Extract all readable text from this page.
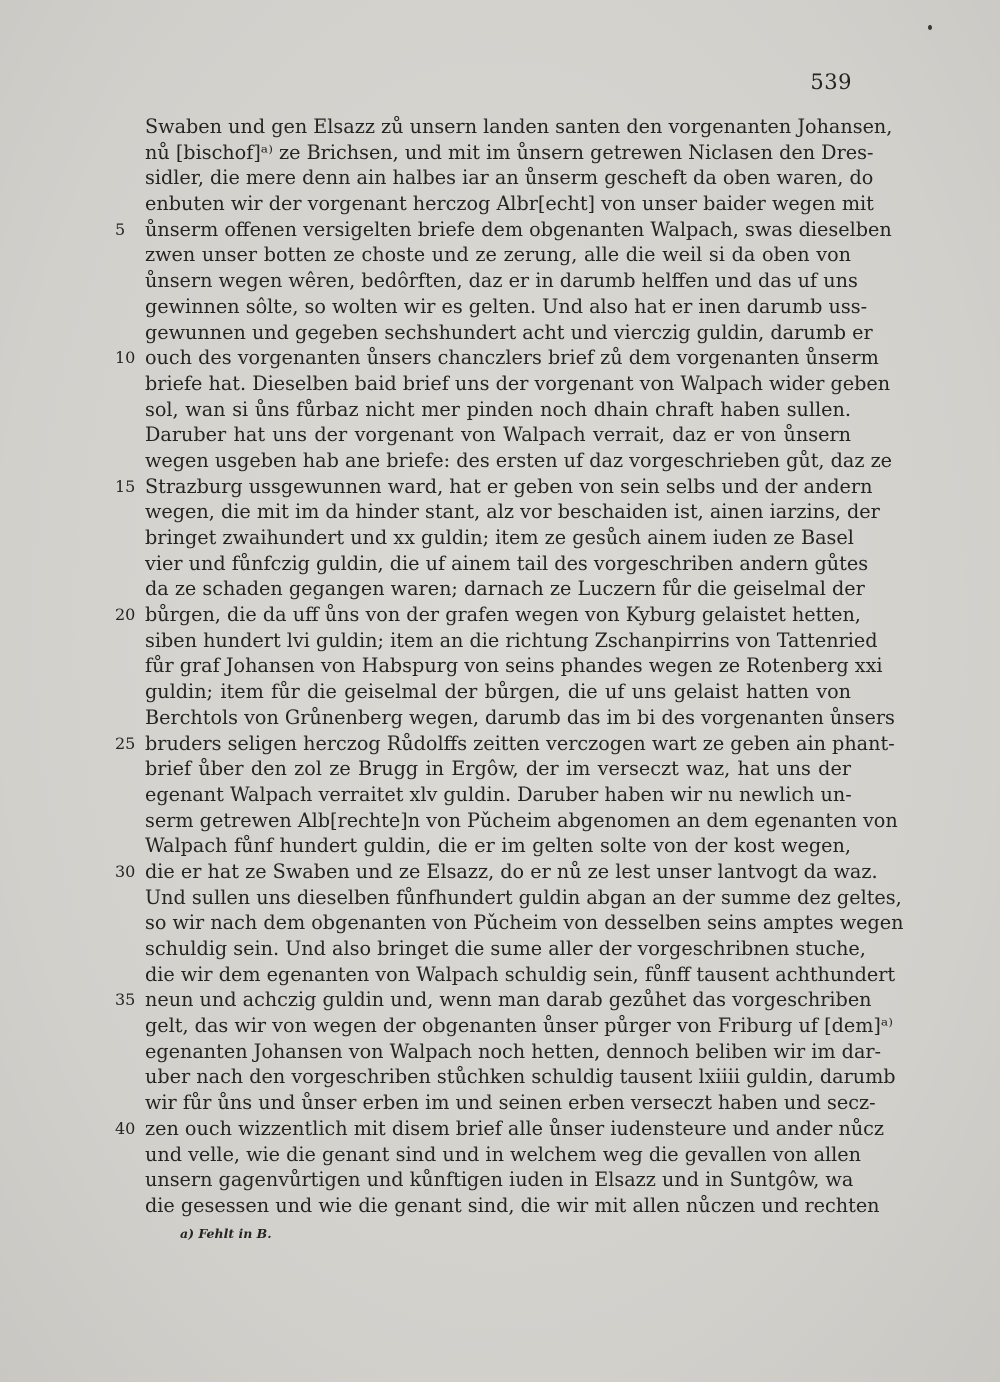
539
Swaben und gen Elsazz zů unsern landen santen den vorgenanten Johansen,
nů [bischof]ᵃ⁾ ze Brichsen, und mit im ůnsern getrewen Niclasen den Dres-
sidler, die mere denn ain halbes iar an ůnserm gescheft da oben waren, do
enbuten wir der vorgenant herczog Albr[echt] von unser baider wegen mit
5	ůnserm offenen versigelten briefe dem obgenanten Walpach, swas dieselben
zwen unser botten ze choste und ze zerung, alle die weil si da oben von
ůnsern wegen wêren, bedôrften, daz er in darumb helffen und das uf uns
gewinnen sôlte, so wolten wir es gelten. Und also hat er inen darumb uss-
gewunnen und gegeben sechshundert acht und vierczig guldin, darumb er
10 ouch des vorgenanten ůnsers chanczlers brief zů dem vorgenanten ůnserm
briefe hat. Dieselben baid brief uns der vorgenant von Walpach wider geben
sol, wan si ůns fůrbaz nicht mer pinden noch dhain chraft haben sullen.
Daruber hat uns der vorgenant von Walpach verrait, daz er von ůnsern
wegen usgeben hab ane briefe: des ersten uf daz vorgeschrieben gůt, daz ze
15 Strazburg ussgewunnen ward, hat er geben von sein selbs und der andern
wegen, die mit im da hinder stant, alz vor beschaiden ist, ainen iarzins, der
bringet zwaihundert und xx guldin; item ze gesůch ainem iuden ze Basel
vier und fůnfczig guldin, die uf ainem tail des vorgeschriben andern gůtes
da ze schaden gegangen waren; darnach ze Luczern fůr die geiselmal der
20 bůrgen, die da uff ůns von der grafen wegen von Kyburg gelaistet hetten,
siben hundert lvi guldin; item an die richtung Zschanpirrins von Tattenried
fůr graf Johansen von Habspurg von seins phandes wegen ze Rotenberg xxi
guldin; item fůr die geiselmal der bůrgen, die uf uns gelaist hatten von
Berchtols von Grůnenberg wegen, darumb das im bi des vorgenanten ůnsers
25 bruders seligen herczog Růdolffs zeitten verczogen wart ze geben ain phant-
brief ůber den zol ze Brugg in Ergôw, der im verseczt waz, hat uns der
egenant Walpach verraitet xlv guldin. Daruber haben wir nu newlich un-
serm getrewen Alb[rechte]n von Pǔcheim abgenomen an dem egenanten von
Walpach fůnf hundert guldin, die er im gelten solte von der kost wegen,
30 die er hat ze Swaben und ze Elsazz, do er nů ze lest unser lantvogt da waz.
Und sullen uns dieselben fůnfhundert guldin abgan an der summe dez geltes,
so wir nach dem obgenanten von Pǔcheim von desselben seins amptes wegen
schuldig sein. Und also bringet die sume aller der vorgeschribnen stuche,
die wir dem egenanten von Walpach schuldig sein, fůnff tausent achthundert
35 neun und achczig guldin und, wenn man darab gezůhet das vorgeschriben
gelt, das wir von wegen der obgenanten ůnser půrger von Friburg uf [dem]ᵃ⁾
egenanten Johansen von Walpach noch hetten, dennoch beliben wir im dar-
uber nach den vorgeschriben stůchken schuldig tausent lxiiii guldin, darumb
wir fůr ůns und ůnser erben im und seinen erben verseczt haben und secz-
40 zen ouch wizzentlich mit disem brief alle ůnser iudensteure und ander nůcz
und velle, wie die genant sind und in welchem weg die gevallen von allen
unsern gagenvůrtigen und kůnftigen iuden in Elsazz und in Suntgôw, wa
die gesessen und wie die genant sind, die wir mit allen nůczen und rechten
a) Fehlt in B.
